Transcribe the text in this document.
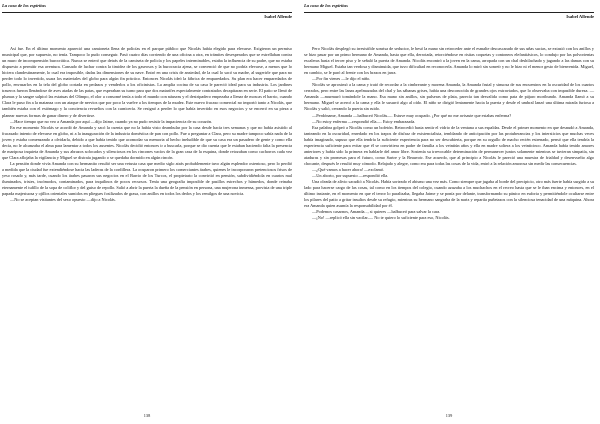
La casa de los espíritus
Isabel Allende

Así fue. En el último momento apareció una camioneta llena de policías en el parque público que Nicolás había elegido para elevarse. Exigieron un permiso municipal que, por supuesto, no tenía. Tampoco lo pudo conseguir. Pasó cuatro días corriendo de una oficina a otra, en trámites desesperados que se estrellaban contra un muro de incomprensión burocrática. Nunca se enteró que detrás de la camiseta de policía y los papeles interminables, estaba la influencia de su padre, que no estaba dispuesto a permitir esa aventura. Cansado de luchar contra la timidez de los gaseosos y la burocracia ajena, se convenció de que no podría elevarse, a menos que lo hiciera clandestinamente, lo cual era imposible, dadas las dimensiones de su nave. Entró en una crisis de ansiedad, de la cual lo sacó su madre, al sugerirle que para no perder todo lo invertido, usara los materiales del globo para algún fin práctico. Entonces Nicolás ideó la fábrica de emparedados. Su plan era hacer emparedados de pollo, envasarlos en la tela del globo cortada en pedazos y venderlos a los oficinistas. La amplia cocina de su casa le pareció ideal para su industria. Los jardines traseros fueron llenándose de aves atadas de las patas, que esperaban su turno para que dos matarifes especialmente contratados decapitaran en serie. El patio se llenó de plumas y la sangre salpicó las estatuas del Olimpo, el olor a consomé tenía a todo el mundo con náuseas y el destripadero empezaba a llenar de moscas el barrio, cuando Clara le puso fin a la matanza con un ataque de nervios que por poco la vuelve a los tiempos de la mudez. Este nuevo fracaso comercial no importó tanto a Nicolás, que también estaba con el estómago y la conciencia revueltos con la carnicería. Se resignó a perder lo que había invertido en esos negocios y se encerró en su pieza a planear nuevas formas de ganar dinero y de divertirse.

—Hace tiempo que no veo a Amanda por aquí —dijo Jaime, cuando ya no pudo resistir la impaciencia de su corazón.

En ese momento Nicolás se acordó de Amanda y sacó la cuenta que no la había visto deambular por la casa desde hacía tres semanas y que no había asistido al fracasado intento de elevarse en globo, ni a la inauguración de la industria doméstica de pan con pollo. Fue a preguntar a Clara, pero su madre tampoco sabía nada de la joven y estaba comenzando a olvidarla, debido a que había tenido que acomodar su memoria al hecho ineludible de que su casa era un pasadero de gente y como ella decía, no le alcanzaba el alma para lamentar a todos los ausentes. Nicolás decidió entonces ir a buscarla, porque se dio cuenta que le estaban haciendo falta la presencia de mariposa inquieta de Amanda y sus abrazos sofocados y silenciosos en los rincones vacíos de la gran casa de la esquina, donde retozaban como cachorros cada vez que Clara aflojaba la vigilancia y Miguel se distraía jugando o se quedaba dormido en algún rincón.

La pensión donde vivía Amanda con su hermanito resultó ser una vetusta casa que medio siglo atrás probablemente tuvo algún esplendor ostentoso, pero lo perdió a medida que la ciudad fue extendiéndose hacia las laderas de la cordillera. La ocuparon primero los comerciantes árabes, quienes le incorporaron pretenciosos frisos de yeso rosado y, más tarde, cuando los árabes pasaron sus negocios en el Barrio de los Turcos, el propietario la convirtió en pensión, subdividiéndola en cuartos mal iluminados, tristes, incómodos, contaminados, para inquilinos de pocos recursos. Tenía una geografía imposible de pasillos estrechos y húmedos, donde reinaba eternamente el tufillo de la sopa de coliflor y del guiso de repollo. Salió a abrir la puerta la dueña de la pensión en persona, una mujerona inmensa, provista de una triple papada majestuosa y ojillos orientales sumidos en pliegues fosilizados de grasa, con anillos en todos los dedos y los remilgos de una novicia.

—No se aceptan visitantes del sexo opuesto —dijo a Nicolás.

138
La casa de los espíritus
Isabel Allende

Pero Nicolás desplegó su irresistible sonrisa de seductor, le besó la mano sin retroceder ante el esmalte descascarado de sus uñas sucias, se extasió con los anillos y se hizo pasar por un primo hermano de Amanda, hasta que ella, derrotada, retorciéndose en risitas coquetas y contoneos elefantiásicos, lo condujo por las polvorientas escaleras hasta el tercer piso y le señaló la puerta de Amanda. Nicolás encontró a la joven en la cama, arropada con un chal deshilachado y jugando a las damas con su hermano Miguel. Estaba tan verdosa y disminuida, que tuvo dificultad en reconocerla. Amanda lo miró sin sonreír y no le hizo ni el menor gesto de bienvenida. Miguel, en cambio, se le paró al frente con los brazos en jarra.

—Por fin vienes —le dijo el niño.

Nicolás se aproximó a la cama y trató de recordar a la cimbreante y morena Amanda, la Amanda frutal y sinuosa de sus encuentros en la oscuridad de los cuartos cerrados, pero entre las lanas apelmazadas del chal y las sábanas grises, había una desconocida de grandes ojos extraviados, que lo observaba con impasible dureza. —Amanda —murmuró tomándole la mano. Esa mano sin anillos, sin pulseras de plata, parecía tan desvalida como pata de pájaro moribundo. Amanda llamó a su hermano. Miguel se acercó a la cama y ella le susurró algo al oído. El niño se dirigió lentamente hacia la puerta y desde el umbral lanzó una última mirada furiosa a Nicolás y salió, cerrando la puerta sin ruido.

—Perdóname, Amanda —balbuceó Nicolás—. Estuve muy ocupado. ¿Por qué no me avisaste que estabas enferma?

—No estoy enferma —respondió ella—. Estoy embarazada.

Esa palabra golpeó a Nicolás como un bofetón. Retrocedió hasta sentir el vidrio de la ventana a sus espaldas. Desde el primer momento en que desnudó a Amanda, tanteando en la oscuridad, enredado en los trapos de disfraz de existencialista, temblando de anticipación por las protuberancias y los intersticios que muchas veces había imaginado, supuso que ella tendría la suficiente experiencia para no ser descubierta, porque en su orgullo de macho recién estrenado, pensó que ella tendría la experiencia suficiente para evitar que él se convirtiera en padre de familia a los veintiún años y ella en madre soltera a los veinticinco. Amanda había tenido amores anteriores y había sido la primera en hablarle del amor libre. Sostenía su irrevocable determinación de permanecer juntos solamente mientras se tuvieran simpatía, sin ataduras y sin promesas para el futuro, como Sartre y la Beauvoir. Ese acuerdo, que al principio a Nicolás le pareció una muestra de frialdad y desenvuelto algo chocante, después le resultó muy cómodo. Relajado y alegre, como era para todas las cosas de la vida, entró a la relación amorosa sin medir las consecuencias.

—¿Qué vamos a hacer ahora! —exclamó.

—Un aborto, por supuesto —respondió ella.

Una oleada de alivio sacudió a Nicolás. Había sorteado el abismo una vez más. Como siempre que jugaba al borde del precipicio, otro más fuerte había surgido a su lado para hacerse cargo de las cosas, tal como en los tiempos del colegio, cuando azuzaba a los muchachos en el recreo hasta que se le iban encima y entonces, en el último instante, en el momento en que el terror lo paralizaba, llegaba Jaime y se ponía por delante, transformando su pánico en euforia y permitiéndole ocultarse entre los pilares del patio a gritar insultos desde su refugio, mientras su hermano sangraba de la nariz y repartía puñetazos con la silenciosa tenacidad de una máquina. Ahora era Amanda quien asumía la responsabilidad por él.

—Podemos casarnos, Amanda..., si quieres —balbuceó para salvar la cara.

—¡No! —replicó ella sin vacilar—. No te quiero lo suficiente para eso, Nicolás.

139
